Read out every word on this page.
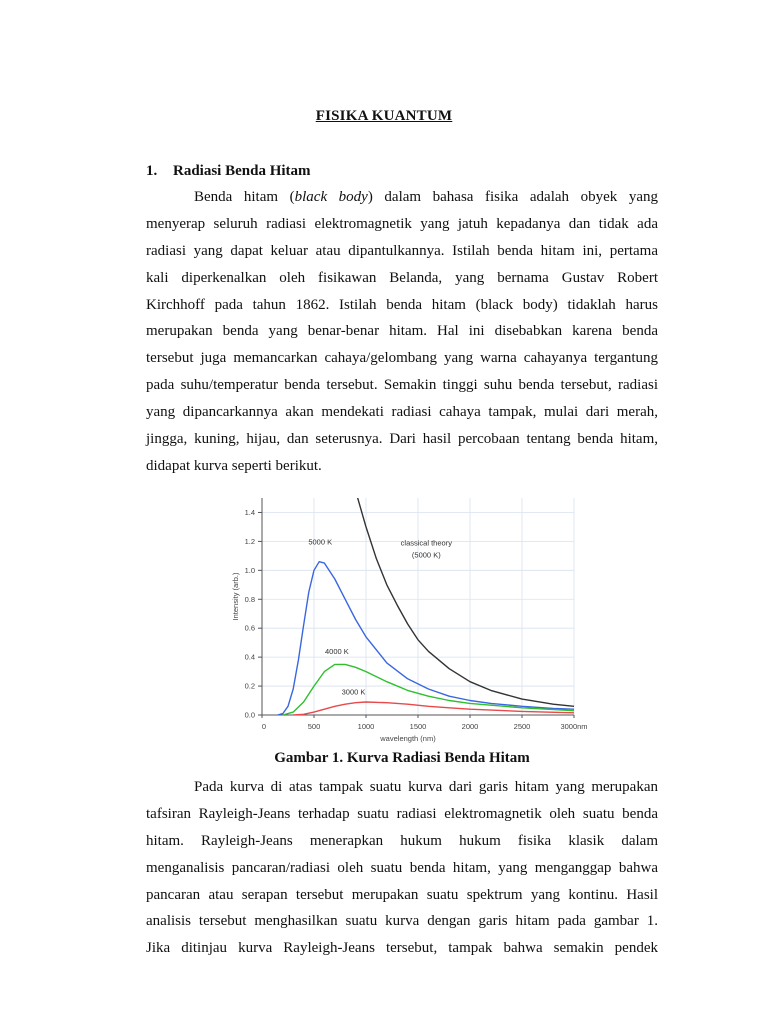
FISIKA KUANTUM
1. Radiasi Benda Hitam
Benda hitam (black body) dalam bahasa fisika adalah obyek yang
menyerap seluruh radiasi elektromagnetik yang jatuh kepadanya dan tidak ada
radiasi yang dapat keluar atau dipantulkannya. Istilah benda hitam ini, pertama
kali diperkenalkan oleh fisikawan Belanda, yang bernama Gustav Robert
Kirchhoff pada tahun 1862. Istilah benda hitam (black body) tidaklah harus
merupakan benda yang benar-benar hitam. Hal ini disebabkan karena benda
tersebut juga memancarkan cahaya/gelombang yang warna cahayanya tergantung
pada suhu/temperatur benda tersebut. Semakin tinggi suhu benda tersebut, radiasi
yang dipancarkannya akan mendekati radiasi cahaya tampak, mulai dari merah,
jingga, kuning, hijau, dan seterusnya. Dari hasil percobaan tentang benda hitam,
didapat kurva seperti berikut.
0	500	1000	1500	2000	2500	3000nm
0.0
0.2
0.4
0.6
0.8
1.0
1.2
1.4
wavelength (nm)
Intensity (arb.)
5000 K
4000 K
3000 K
classical theory
(5000 K)
Gambar 1. Kurva Radiasi Benda Hitam
Pada kurva di atas tampak suatu kurva dari garis hitam yang merupakan
tafsiran Rayleigh-Jeans terhadap suatu radiasi elektromagnetik oleh suatu benda
hitam. Rayleigh-Jeans menerapkan hukum hukum fisika klasik dalam
menganalisis pancaran/radiasi oleh suatu benda hitam, yang menganggap bahwa
pancaran atau serapan tersebut merupakan suatu spektrum yang kontinu. Hasil
analisis tersebut menghasilkan suatu kurva dengan garis hitam pada gambar 1.
Jika ditinjau kurva Rayleigh-Jeans tersebut, tampak bahwa semakin pendek
